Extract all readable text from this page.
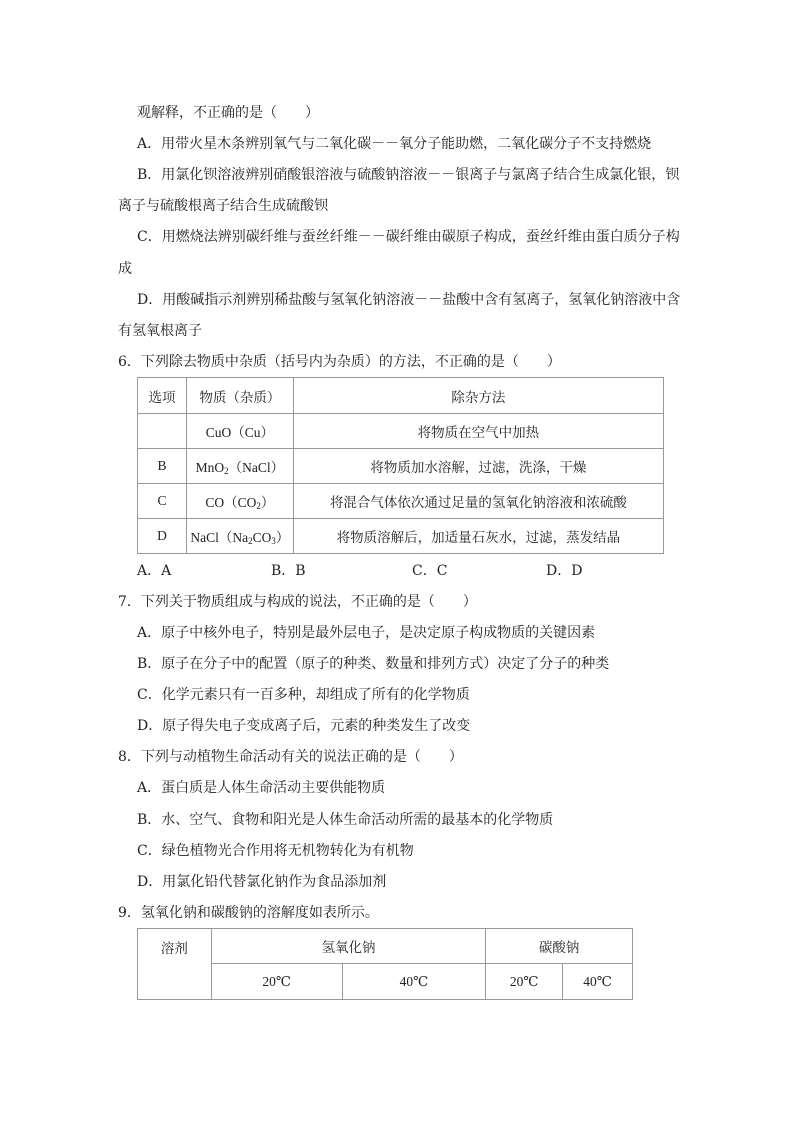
观解释，不正确的是（　　）
A．用带火星木条辨别氧气与二氧化碳－－氧分子能助燃，二氧化碳分子不支持燃烧
B．用氯化钡溶液辨别硝酸银溶液与硫酸钠溶液－－银离子与氯离子结合生成氯化银，钡
离子与硫酸根离子结合生成硫酸钡
C．用燃烧法辨别碳纤维与蚕丝纤维－－碳纤维由碳原子构成，蚕丝纤维由蛋白质分子构
成
D．用酸碱指示剂辨别稀盐酸与氢氧化钠溶液－－盐酸中含有氢离子，氢氧化钠溶液中含
有氢氧根离子
6．下列除去物质中杂质（括号内为杂质）的方法，不正确的是（　　）
选项	物质（杂质）	除杂方法
	CuO（Cu）	将物质在空气中加热
B	MnO$_2$（NaCl）	将物质加水溶解，过滤，洗涤，干燥
C	$CO(CO_2)$	将混合气体依次通过足量的氢氧化钠溶液和浓硫酸
D	$NaCl(Na_2CO_3)$	将物质溶解后，加适量石灰水，过滤，蒸发结晶
A．A	B．B	C．C	D．D
7．下列关于物质组成与构成的说法，不正确的是（　　）
A．原子中核外电子，特别是最外层电子，是决定原子构成物质的关键因素
B．原子在分子中的配置（原子的种类、数量和排列方式）决定了分子的种类
C．化学元素只有一百多种，却组成了所有的化学物质
D．原子得失电子变成离子后，元素的种类发生了改变
8．下列与动植物生命活动有关的说法正确的是（　　）
A．蛋白质是人体生命活动主要供能物质
B．水、空气、食物和阳光是人体生命活动所需的最基本的化学物质
C．绿色植物光合作用将无机物转化为有机物
D．用氯化铅代替氯化钠作为食品添加剂
9．氢氧化钠和碳酸钠的溶解度如表所示。
溶剂	氢氧化钠		碳酸钠	
	20℃	40℃	20℃	40℃
